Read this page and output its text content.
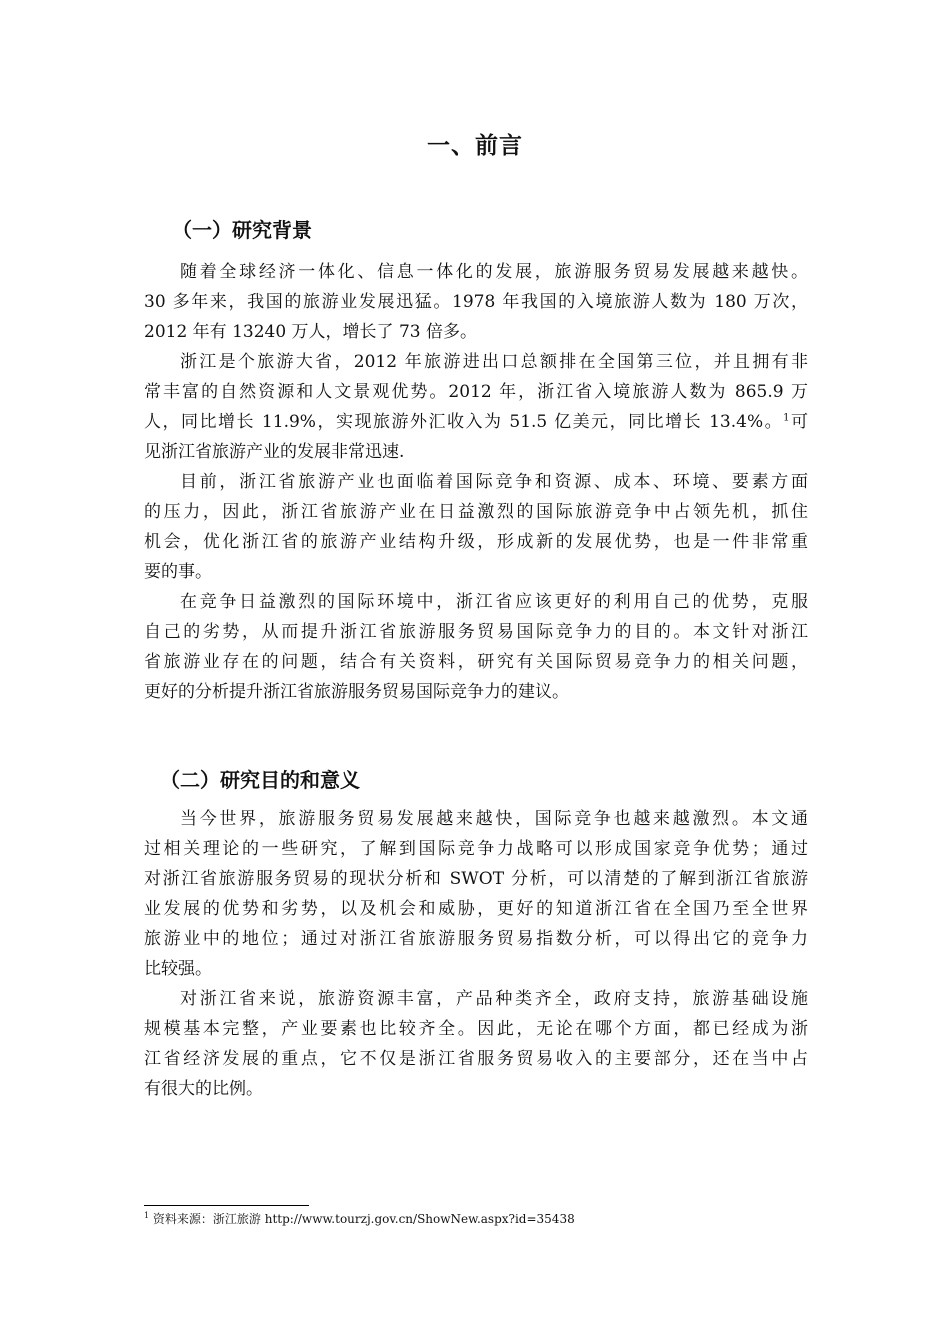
一、前言
（一）研究背景
随着全球经济一体化、信息一体化的发展，旅游服务贸易发展越来越快。
30 多年来，我国的旅游业发展迅猛。1978 年我国的入境旅游人数为 180 万次，
2012 年有 13240 万人，增长了 73 倍多。
浙江是个旅游大省，2012 年旅游进出口总额排在全国第三位，并且拥有非
常丰富的自然资源和人文景观优势。2012 年，浙江省入境旅游人数为 865.9 万
人，同比增长 11.9%，实现旅游外汇收入为 51.5 亿美元，同比增长 13.4%。$^1$可
见浙江省旅游产业的发展非常迅速.
目前，浙江省旅游产业也面临着国际竞争和资源、成本、环境、要素方面
的压力，因此，浙江省旅游产业在日益激烈的国际旅游竞争中占领先机，抓住
机会，优化浙江省的旅游产业结构升级，形成新的发展优势，也是一件非常重
要的事。
在竞争日益激烈的国际环境中，浙江省应该更好的利用自己的优势，克服
自己的劣势，从而提升浙江省旅游服务贸易国际竞争力的目的。本文针对浙江
省旅游业存在的问题，结合有关资料，研究有关国际贸易竞争力的相关问题，
更好的分析提升浙江省旅游服务贸易国际竞争力的建议。
（二）研究目的和意义
当今世界，旅游服务贸易发展越来越快，国际竞争也越来越激烈。本文通
过相关理论的一些研究，了解到国际竞争力战略可以形成国家竞争优势；通过
对浙江省旅游服务贸易的现状分析和 SWOT 分析，可以清楚的了解到浙江省旅游
业发展的优势和劣势，以及机会和威胁，更好的知道浙江省在全国乃至全世界
旅游业中的地位；通过对浙江省旅游服务贸易指数分析，可以得出它的竞争力
比较强。
对浙江省来说，旅游资源丰富，产品种类齐全，政府支持，旅游基础设施
规模基本完整，产业要素也比较齐全。因此，无论在哪个方面，都已经成为浙
江省经济发展的重点，它不仅是浙江省服务贸易收入的主要部分，还在当中占
有很大的比例。
$^1$ 资料来源：浙江旅游 http://www.tourzj.gov.cn/ShowNew.aspx?id=35438
